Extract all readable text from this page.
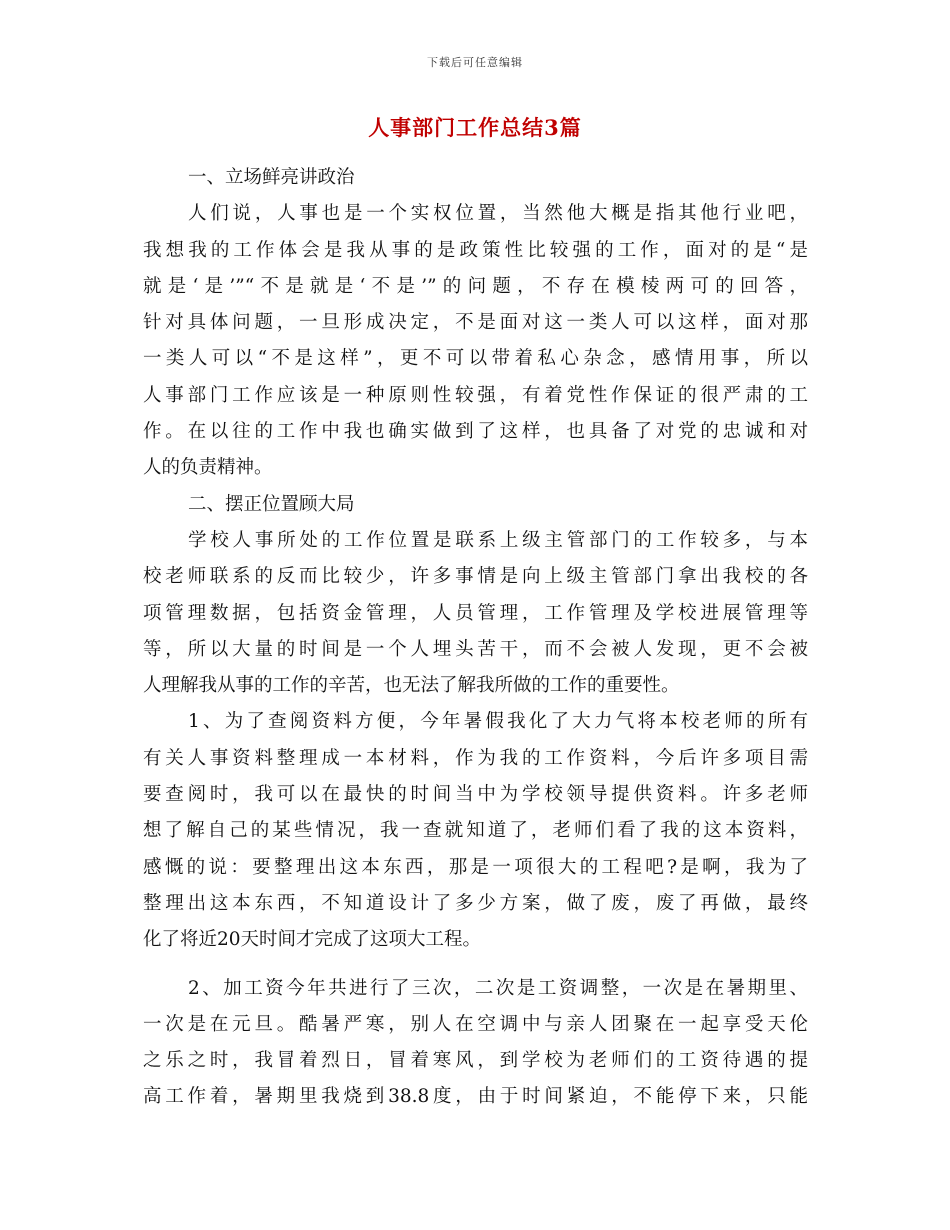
下载后可任意编辑
人事部门工作总结3篇
一、立场鲜亮讲政治
人们说，人事也是一个实权位置，当然他大概是指其他行业吧，
我想我的工作体会是我从事的是政策性比较强的工作，面对的是“是
就是‘是’”“不是就是‘不是’”的问题，不存在模棱两可的回答，
针对具体问题，一旦形成决定，不是面对这一类人可以这样，面对那
一类人可以“不是这样”，更不可以带着私心杂念，感情用事，所以
人事部门工作应该是一种原则性较强，有着党性作保证的很严肃的工
作。在以往的工作中我也确实做到了这样，也具备了对党的忠诚和对
人的负责精神。
二、摆正位置顾大局
学校人事所处的工作位置是联系上级主管部门的工作较多，与本
校老师联系的反而比较少，许多事情是向上级主管部门拿出我校的各
项管理数据，包括资金管理，人员管理，工作管理及学校进展管理等
等，所以大量的时间是一个人埋头苦干，而不会被人发现，更不会被
人理解我从事的工作的辛苦，也无法了解我所做的工作的重要性。
1、为了查阅资料方便，今年暑假我化了大力气将本校老师的所有
有关人事资料整理成一本材料，作为我的工作资料，今后许多项目需
要查阅时，我可以在最快的时间当中为学校领导提供资料。许多老师
想了解自己的某些情况，我一查就知道了，老师们看了我的这本资料，
感慨的说：要整理出这本东西，那是一项很大的工程吧?是啊，我为了
整理出这本东西，不知道设计了多少方案，做了废，废了再做，最终
化了将近20天时间才完成了这项大工程。
2、加工资今年共进行了三次，二次是工资调整，一次是在暑期里、
一次是在元旦。酷暑严寒，别人在空调中与亲人团聚在一起享受天伦
之乐之时，我冒着烈日，冒着寒风，到学校为老师们的工资待遇的提
高工作着，暑期里我烧到38.8度，由于时间紧迫，不能停下来，只能
